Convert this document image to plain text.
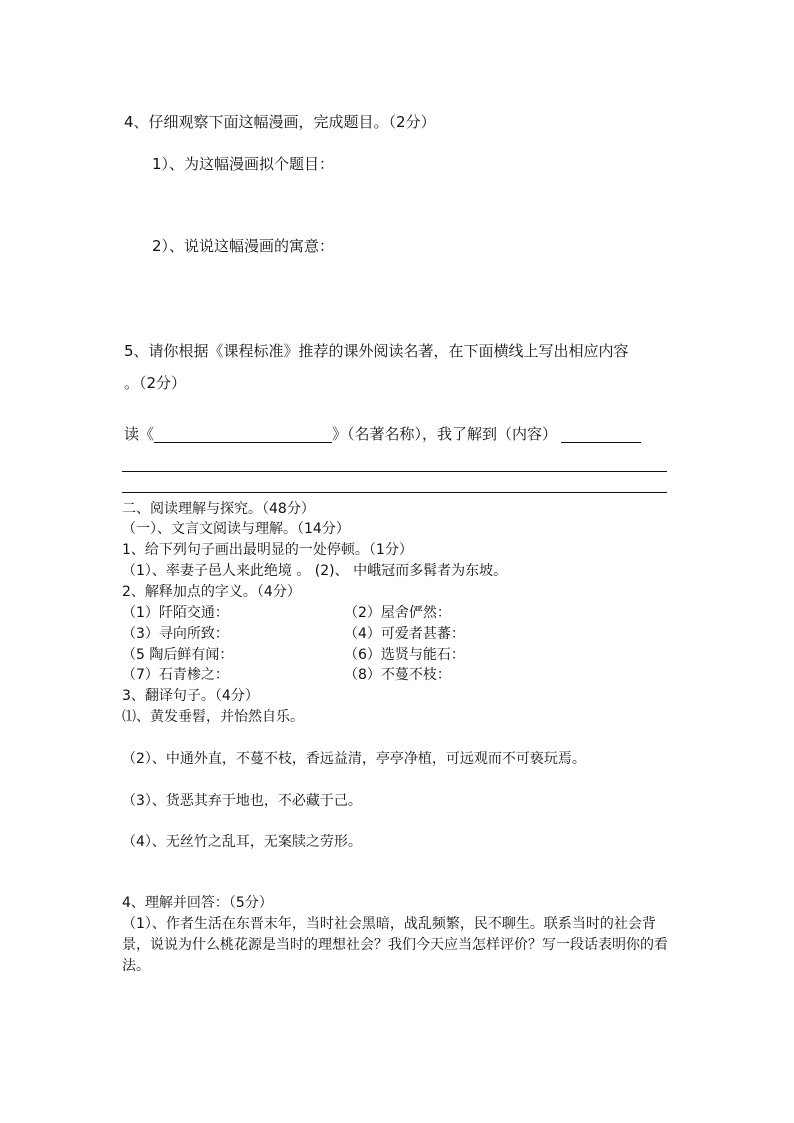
4、仔细观察下面这幅漫画，完成题目。（2分）
1）、为这幅漫画拟个题目：
2）、说说这幅漫画的寓意：
5、请你根据《课程标准》推荐的课外阅读名著，在下面横线上写出相应内容
。（2分）
读《	》（名著名称），我了解到（内容）
二、阅读理解与探究。（48分）
（一）、文言文阅读与理解。（14分）
1、给下列句子画出最明显的一处停顿。（1分）
（1）、率妻子邑人来此绝境 。 (2)、 中峨冠而多髯者为东坡。
2、解释加点的字义。（4分）
（1）阡陌交通：	（2）屋舍俨然：
（3）寻向所致：	（4）可爱者甚蕃：
（5 陶后鲜有闻：	（6）选贤与能石：
（7）石青椮之：	（8）不蔓不枝：
3、翻译句子。（4分）
⑴、黄发垂髫，并怡然自乐。
（2）、中通外直，不蔓不枝，香远益清，亭亭净植，可远观而不可亵玩焉。
（3）、货恶其弃于地也，不必藏于己。
（4）、无丝竹之乱耳，无案牍之劳形。
4、理解并回答：（5分）
（1）、作者生活在东晋末年，当时社会黑暗，战乱频繁，民不聊生。联系当时的社会背
景，说说为什么桃花源是当时的理想社会？我们今天应当怎样评价？写一段话表明你的看
法。
